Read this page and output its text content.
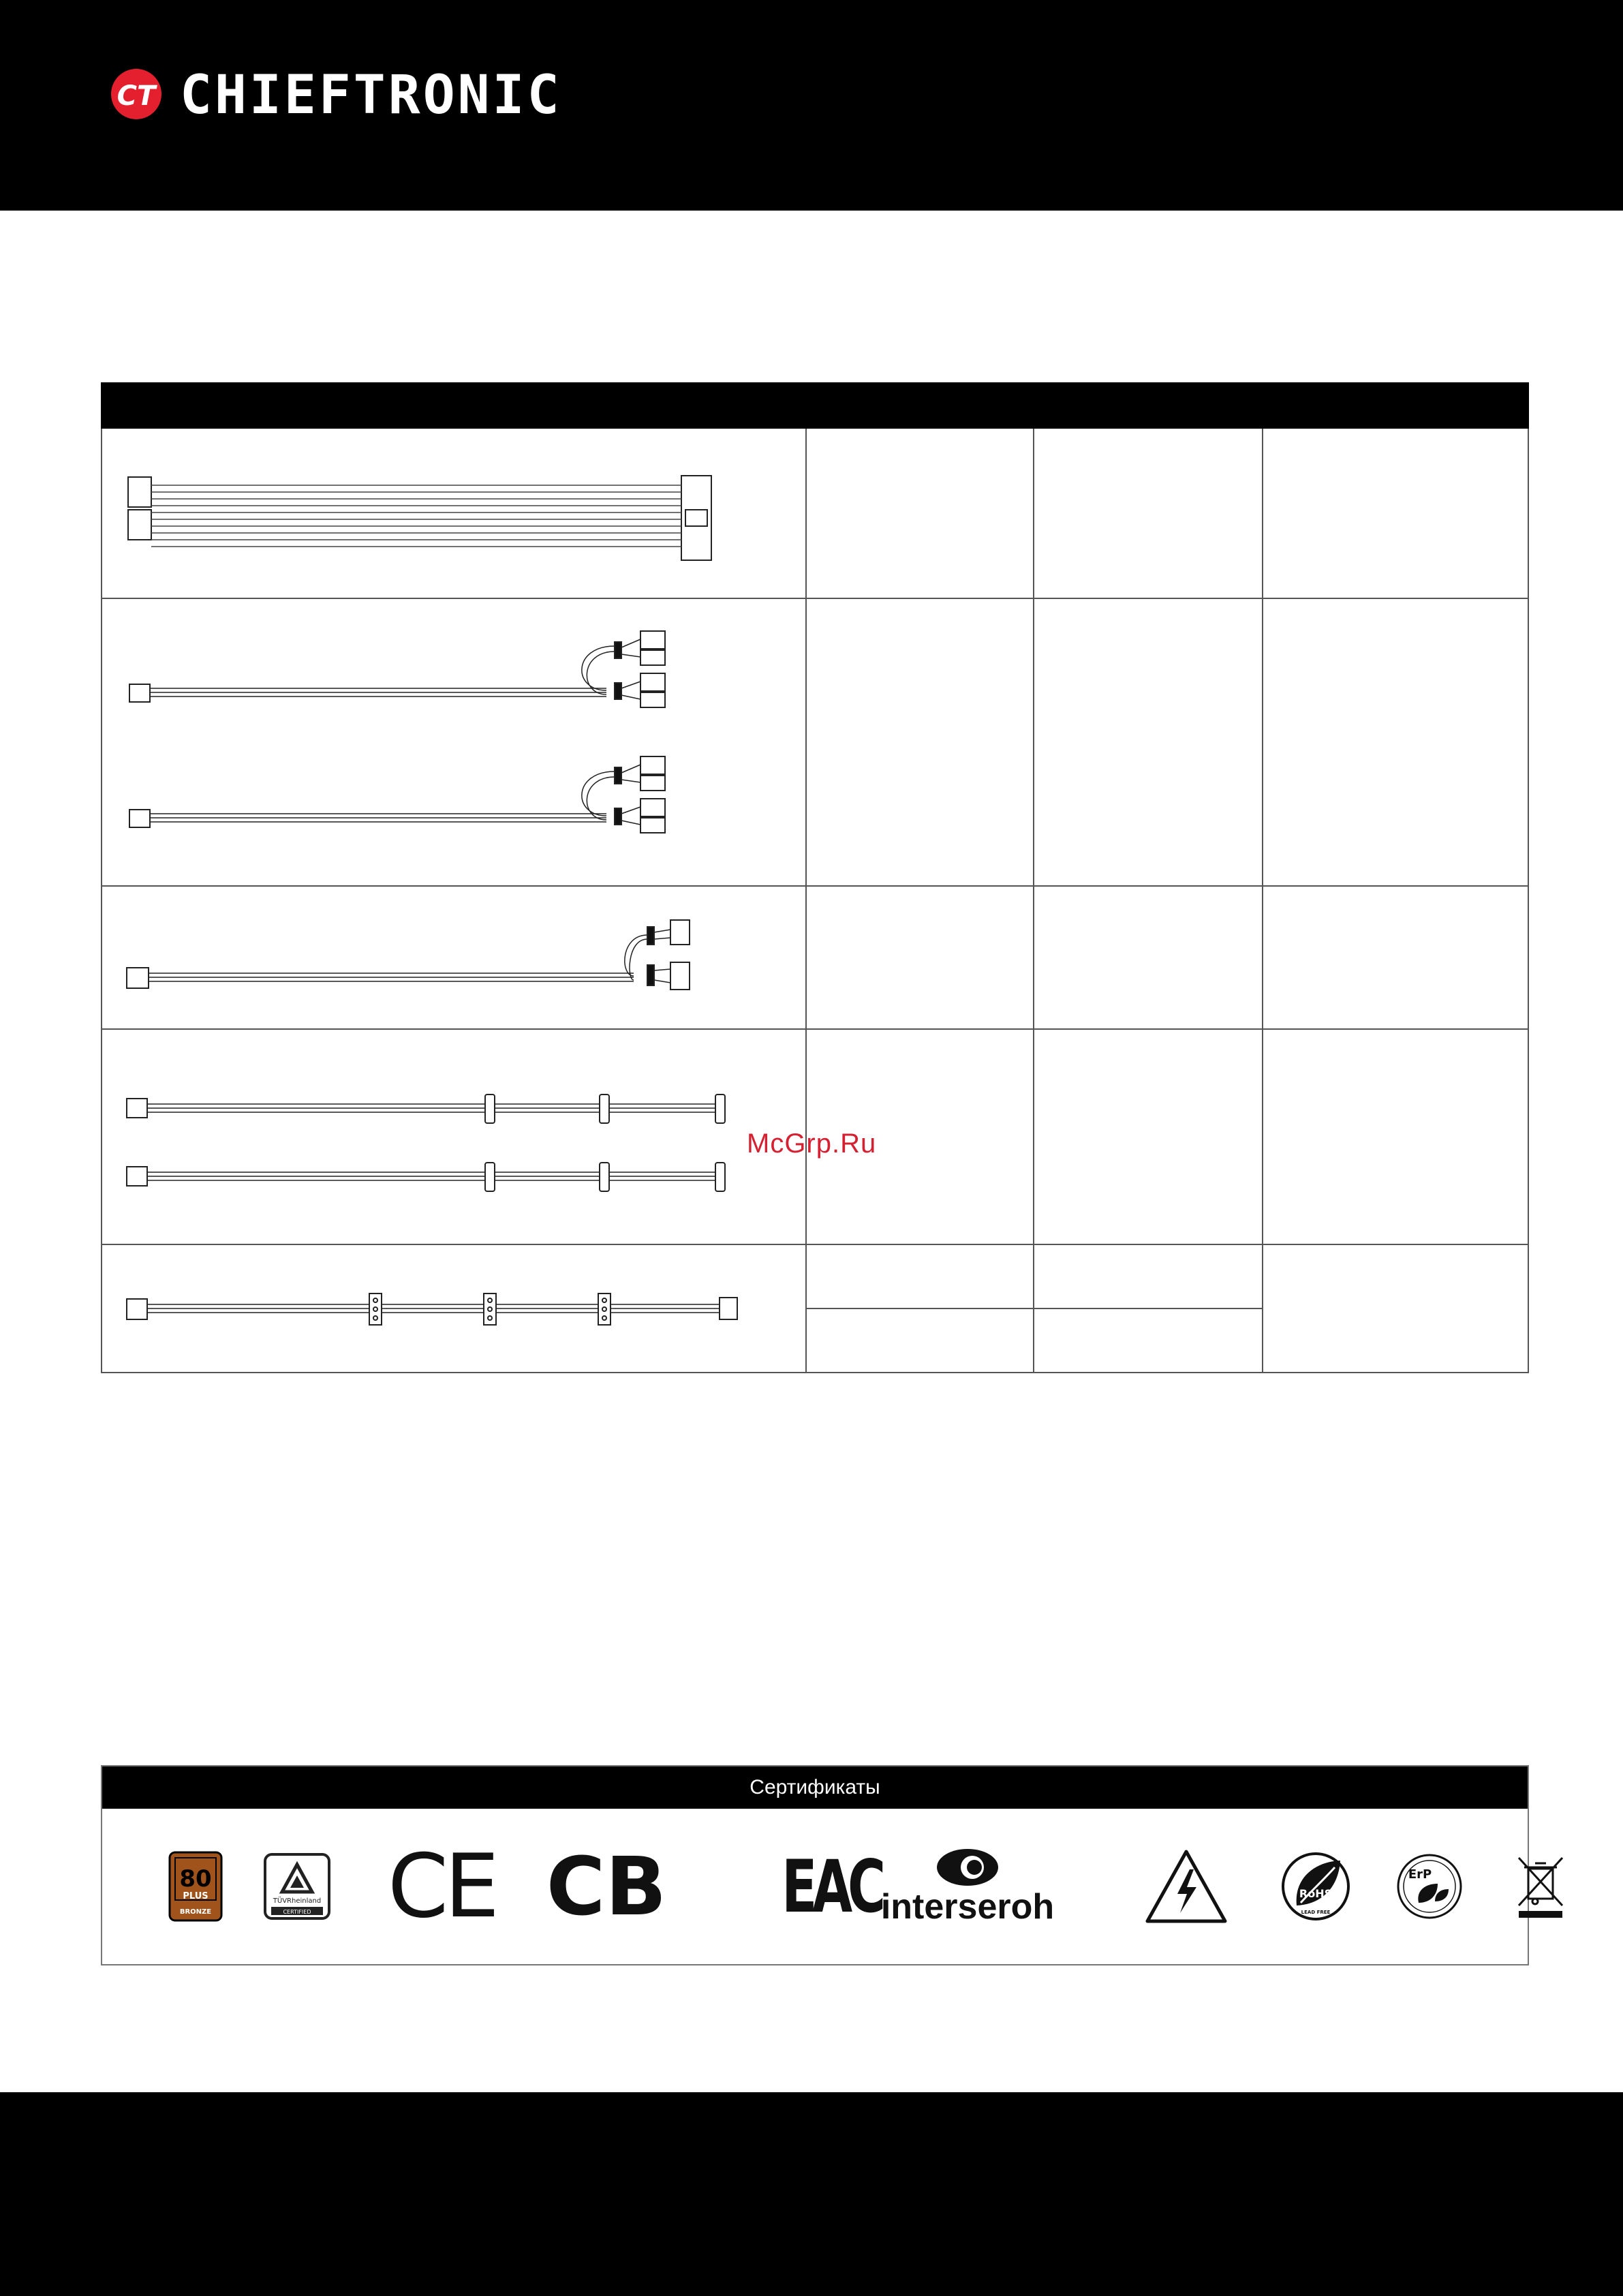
CT CHIEFTRONIC

McGrp.Ru
Сертификаты
80
PLUS
BRONZE
TÜVRheinland
CERTIFIED CE CB EAC interseroh	RoHS
LEAD FREE
ErP
